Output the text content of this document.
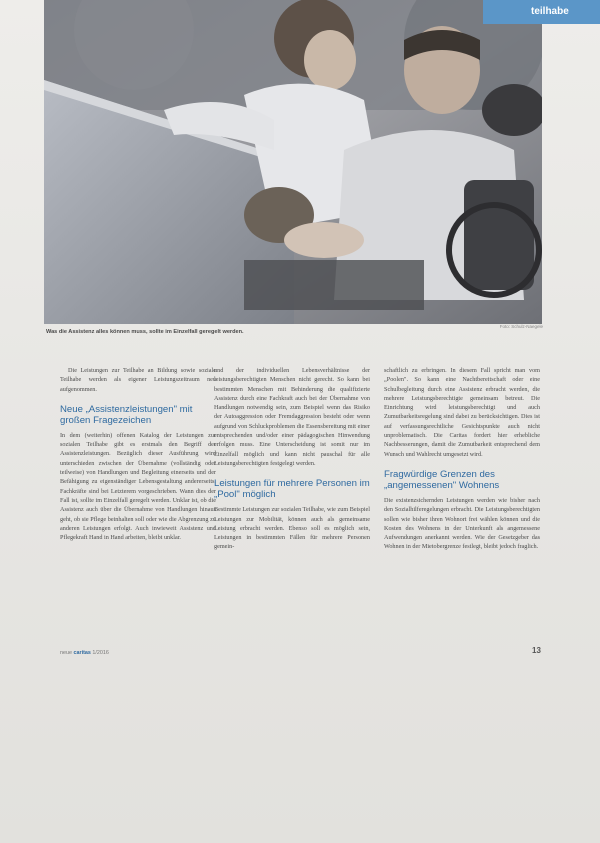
teilhabe
Was die Assistenz alles können muss, sollte im Einzelfall geregelt werden.
Foto: Schulz-Naegele

Die Leistungen zur Teilhabe an Bildung sowie soziale Teilhabe werden als eigener Leistungszeitraum neu aufgenommen.

Neue „Assistenzleistungen" mit großen Fragezeichen

In dem (weiterhin) offenen Katalog der Leistungen zur sozialen Teilhabe gibt es erstmals den Begriff der Assistenzleistungen. Bezüglich dieser Ausführung wird unterschieden zwischen der Übernahme (vollständig oder teilweise) von Handlungen und Begleitung einerseits und der Befähigung zu eigenständiger Lebensgestaltung andererseits. Fachkräfte sind bei Letzterem vorgeschrieben. Wann dies der Fall ist, sollte im Einzelfall geregelt werden. Unklar ist, ob die Assistenz auch über die Übernahme von Handlungen hinaus geht, ob sie Pflege beinhalten soll oder wie die Abgrenzung zu anderen Leistungen erfolgt. Auch inwieweit Assistenz und Pflegekraft Hand in Hand arbeiten, bleibt unklar.

und der individuellen Lebensverhältnisse der leistungsberechtigten Menschen nicht gerecht. So kann bei bestimmten Menschen mit Behinderung die qualifizierte Assistenz durch eine Fachkraft auch bei der Übernahme von Handlungen notwendig sein, zum Beispiel wenn das Risiko der Autoaggression oder Fremdaggression besteht oder wenn aufgrund von Schluckproblemen die Essensbereitung mit einer entsprechenden und/oder einer pädagogischen Hinwendung erfolgen muss. Eine Unterscheidung ist somit nur im Einzelfall möglich und kann nicht pauschal für alle Leistungsberechtigten festgelegt werden.

Leistungen für mehrere Personen im „Pool" möglich

Bestimmte Leistungen zur sozialen Teilhabe, wie zum Beispiel Leistungen zur Mobilität, können auch als gemeinsame Leistung erbracht werden. Ebenso soll es möglich sein, Leistungen in bestimmten Fällen für mehrere Personen gemein-

schaftlich zu erbringen. In diesem Fall spricht man vom „Poolen". So kann eine Nachtbereitschaft oder eine Schulbegleitung durch eine Assistenz erbracht werden, die mehrere Leistungsberechtigte gemeinsam betreut. Die Einrichtung wird leistungsberechtigt und auch Zumutbarkeitsregelung sind dabei zu berücksichtigen. Dies ist auf verfassungsrechtliche Gesichtspunkte auch nicht unproblematisch. Die Caritas fordert hier erhebliche Nachbesserungen, damit die Zumutbarkeit entsprechend dem Wunsch und Wahlrecht umgesetzt wird.

Fragwürdige Grenzen des „angemessenen" Wohnens

Die existenzsichernden Leistungen werden wie bisher nach den Sozialhilferegelungen erbracht. Die Leistungsberechtigten sollen wie bisher ihren Wohnort frei wählen können und die Kosten des Wohnens in der Unterkunft als angemessene Aufwendungen anerkannt werden. Wie der Gesetzgeber das Wohnen in der Mietobergrenze festlegt, bleibt jedoch fraglich.

neue caritas 1/2016	13
